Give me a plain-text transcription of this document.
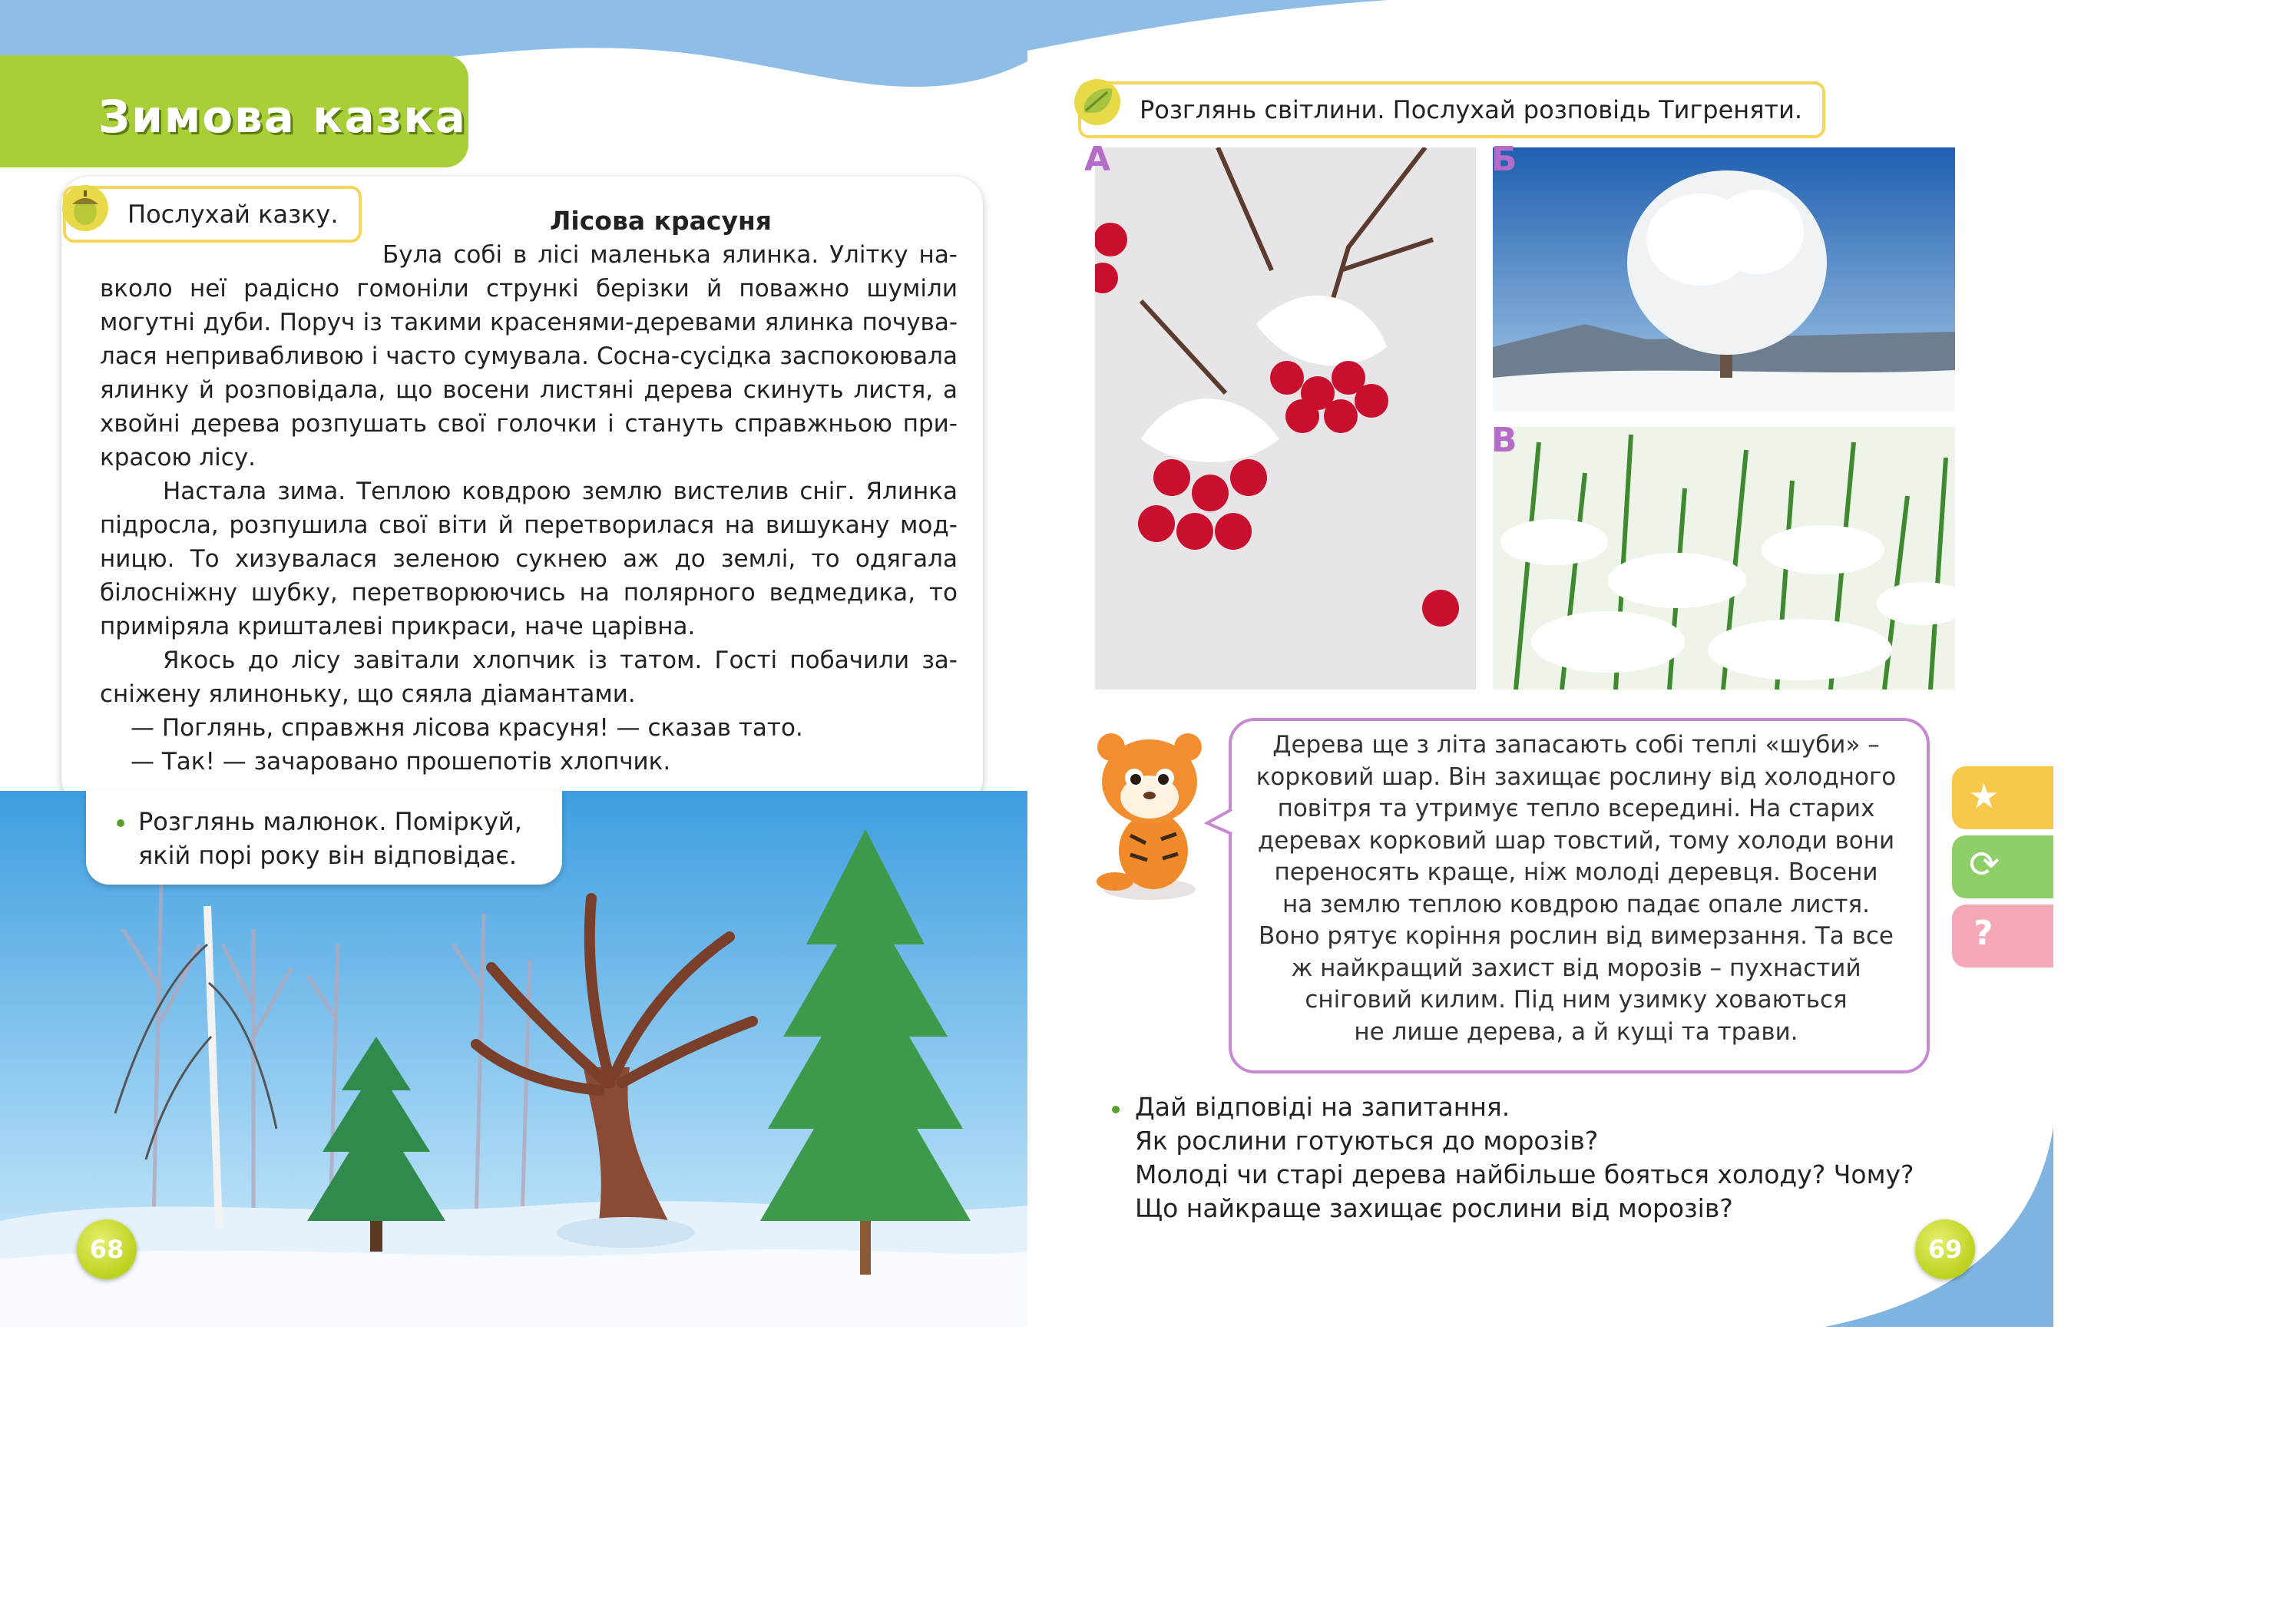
Зимова казка
Послухай казку.	Лісова красуня
Була собі в лісі маленька ялинка. Улітку на-
вколо неї радісно гомоніли стрункі берізки й поважно шуміли
могутні дуби. Поруч із такими красенями-деревами ялинка почува-
лася непривабливою і часто сумувала. Сосна-сусідка заспокоювала
ялинку й розповідала, що восени листяні дерева скинуть листя, а
хвойні дерева розпушать свої голочки і стануть справжньою при-
красою лісу.
Настала зима. Теплою ковдрою землю вистелив сніг. Ялинка
підросла, розпушила свої віти й перетворилася на вишукану мод-
ницю. То хизувалася зеленою сукнею аж до землі, то одягала
білосніжну шубку, перетворюючись на полярного ведмедика, то
приміряла кришталеві прикраси, наче царівна.
Якось до лісу завітали хлопчик із татом. Гості побачили за-
сніжену ялиноньку, що сяяла діамантами.
— Поглянь, справжня лісова красуня! — сказав тато.
— Так! — зачаровано прошепотів хлопчик.
Розглянь малюнок. Поміркуй,
якій порі року він відповідає.
68
Розглянь світлини. Послухай розповідь Тигреняти.
А	Б
В
Дерева ще з літа запасають собі теплі «шуби» –
корковий шар. Він захищає рослину від холодного
повітря та утримує тепло всередині. На старих
деревах корковий шар товстий, тому холоди вони
переносять краще, ніж молоді деревця. Восени
на землю теплою ковдрою падає опале листя.
Воно рятує коріння рослин від вимерзання. Та все
ж найкращий захист від морозів – пухнастий
сніговий килим. Під ним узимку ховаються
не лише дерева, а й кущі та трави.
★
⟳
?
Дай відповіді на запитання.
Як рослини готуються до морозів?
Молоді чи старі дерева найбільше бояться холоду? Чому?
Що найкраще захищає рослини від морозів?
69
